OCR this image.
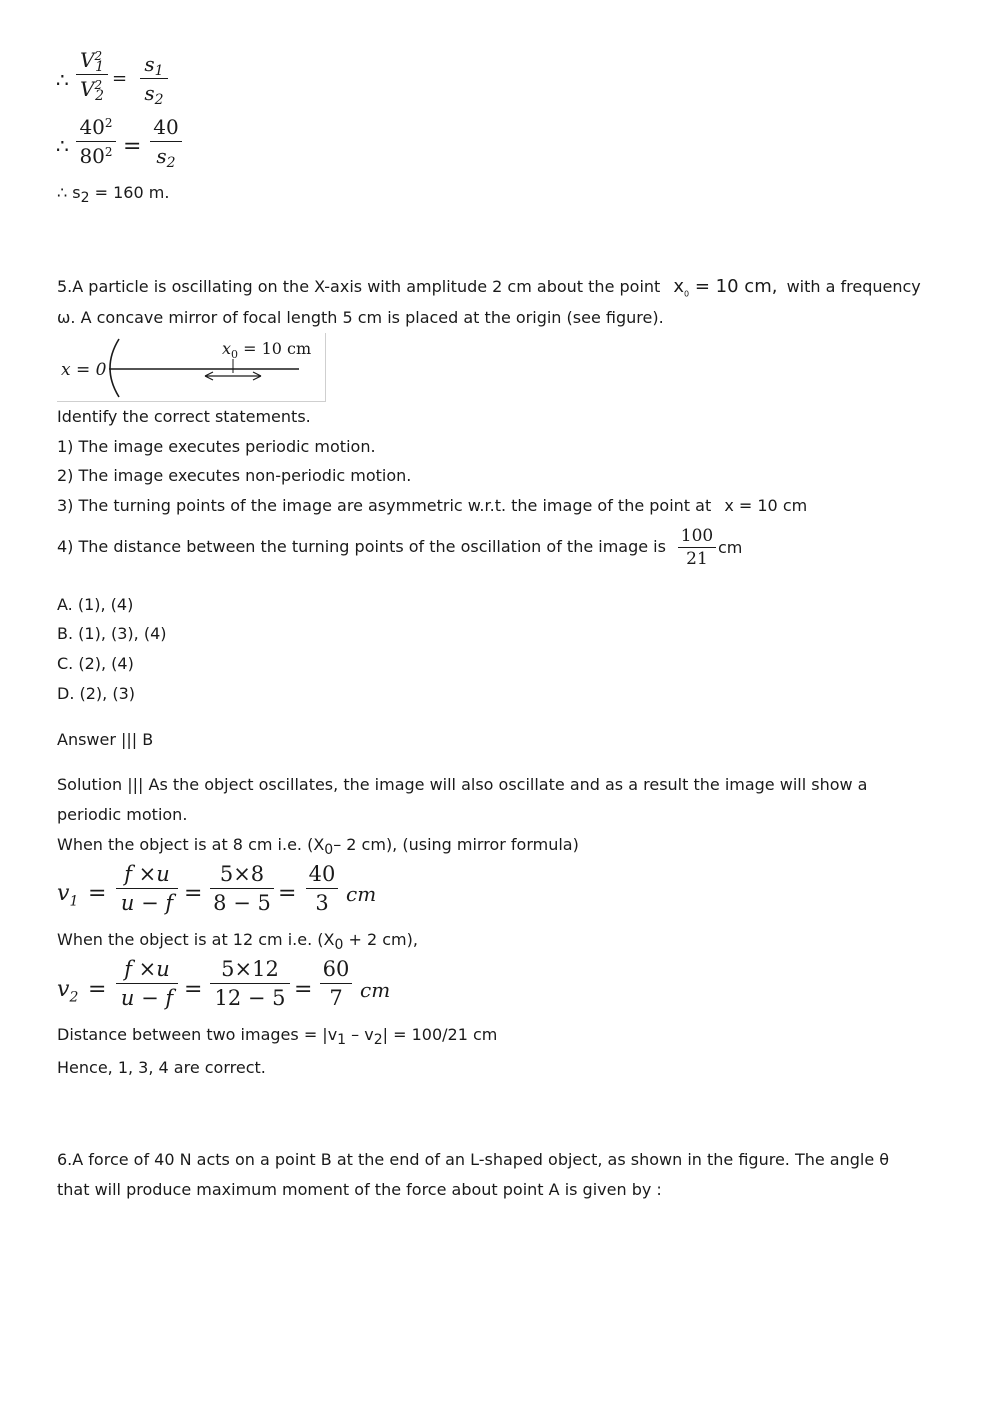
∴
$V^2_1$
$V^2_2$
=
$s_1$
$s_2$
∴
$40^2$
$80^2$ =
40
$s_2$
∴ $s_2 = 160$ m.
5.A particle is oscillating on the X-axis with amplitude 2 cm about the point $x_0 = 10$ cm, with a frequency
ω. A concave mirror of focal length 5 cm is placed at the origin (see figure).
x = 0
$x_0 = 10$ cm
Identify the correct statements.
1) The image executes periodic motion.
2) The image executes non-periodic motion.
3) The turning points of the image are asymmetric w.r.t. the image of the point at x = 10 cm
4) The distance between the turning points of the oscillation of the image is
100
21
cm
A. (1), (4)
B. (1), (3), (4)
C. (2), (4)
D. (2), (3)
Answer ||| B
Solution ||| As the object oscillates, the image will also oscillate and as a result the image will show a
periodic motion.
When the object is at 8 cm i.e. ($X_0-$ 2 cm), (using mirror formula)
$v_1$ =
f ×u
u − f =
5×8
8 − 5 =
40
3 cm
When the object is at 12 cm i.e. ($X_0 + 2$ cm),
$v_2$ =
f ×u
u − f =
5×12
12 − 5 =
60
7 cm
Distance between two images = $|v_1 - v_2| = 100/21$ cm
Hence, 1, 3, 4 are correct.
6.A force of 40 N acts on a point B at the end of an L-shaped object, as shown in the figure. The angle θ
that will produce maximum moment of the force about point A is given by :
